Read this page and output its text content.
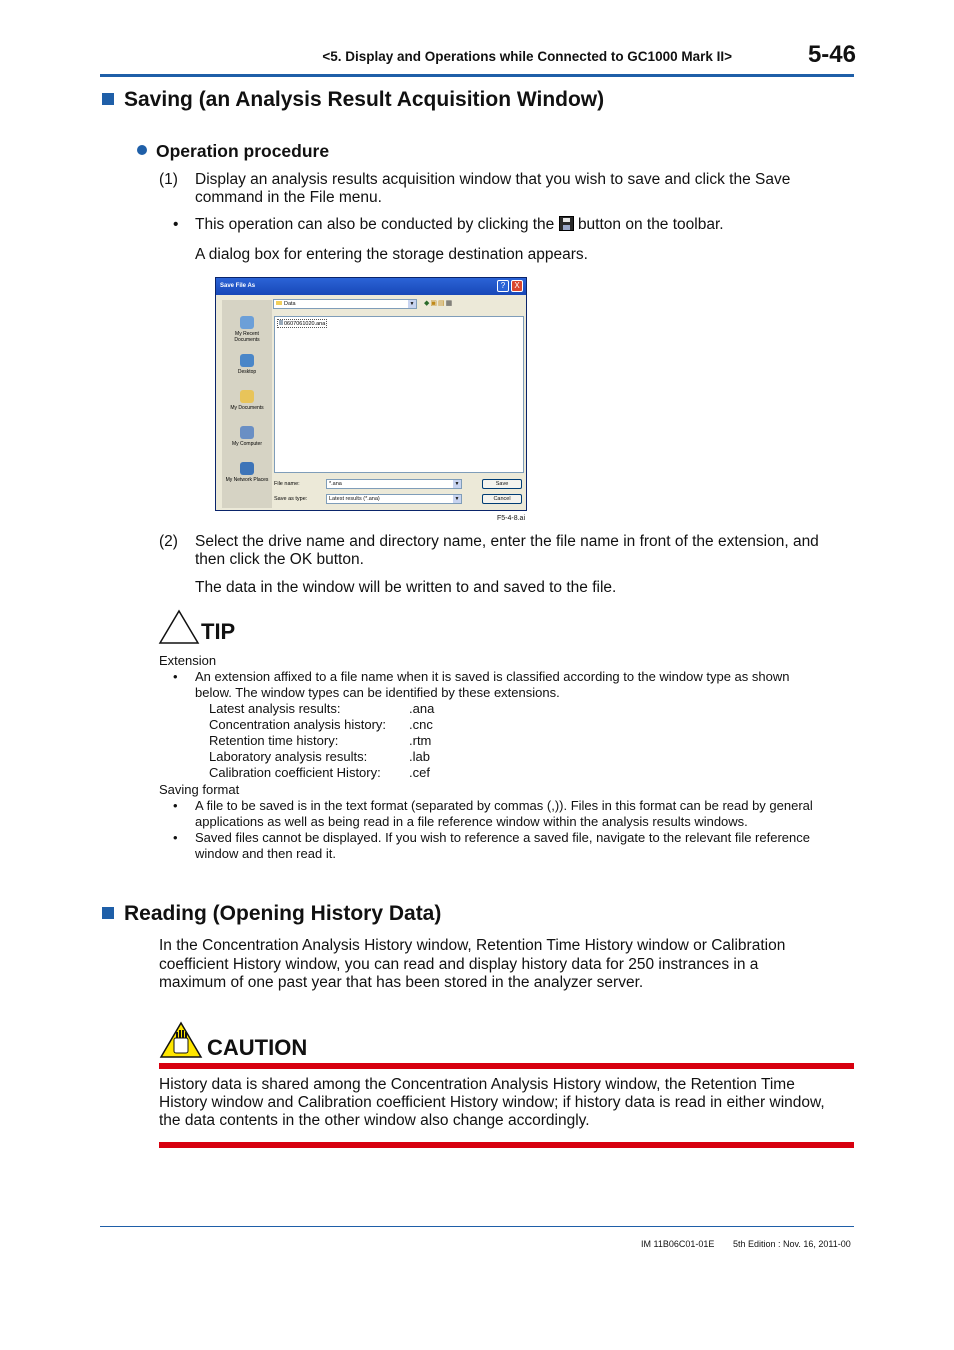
<5. Display and Operations while Connected to GC1000 Mark II>	5-46
Saving (an Analysis Result Acquisition Window)
Operation procedure
(1) Display an analysis results acquisition window that you wish to save and click the Save
command in the File menu.
• This operation can also be conducted by clicking the button on the toolbar.
A dialog box for entering the storage destination appears.
Save File As	?	X
Data	▼ ◆▣▤▦
My Recent Documents
Desktop
My Documents
My Computer
My Network Places
0607061020.ana
File name:	*.ana	▼
Save as type:	Latest results (*.ana)	▼
Save
Cancel
F5-4-8.ai
(2) Select the drive name and directory name, enter the file name in front of the extension, and
then click the OK button.
The data in the window will be written to and saved to the file.
TIP
Extension
• An extension affixed to a file name when it is saved is classified according to the window type as shown
below. The window types can be identified by these extensions.
Latest analysis results:	.ana
Concentration analysis history: .cnc
Retention time history:	.rtm
Laboratory analysis results:	.lab
Calibration coefficient History: .cef
Saving format
• A file to be saved is in the text format (separated by commas (,)). Files in this format can be read by general
applications as well as being read in a file reference window within the analysis results windows.
• Saved files cannot be displayed. If you wish to reference a saved file, navigate to the relevant file reference
window and then read it.
Reading (Opening History Data)
In the Concentration Analysis History window, Retention Time History window or Calibration
coefficient History window, you can read and display history data for 250 instrances in a
maximum of one past year that has been stored in the analyzer server.
CAUTION
History data is shared among the Concentration Analysis History window, the Retention Time
History window and Calibration coefficient History window; if history data is read in either window,
the data contents in the other window also change accordingly.
IM 11B06C01-01E 5th Edition : Nov. 16, 2011-00
